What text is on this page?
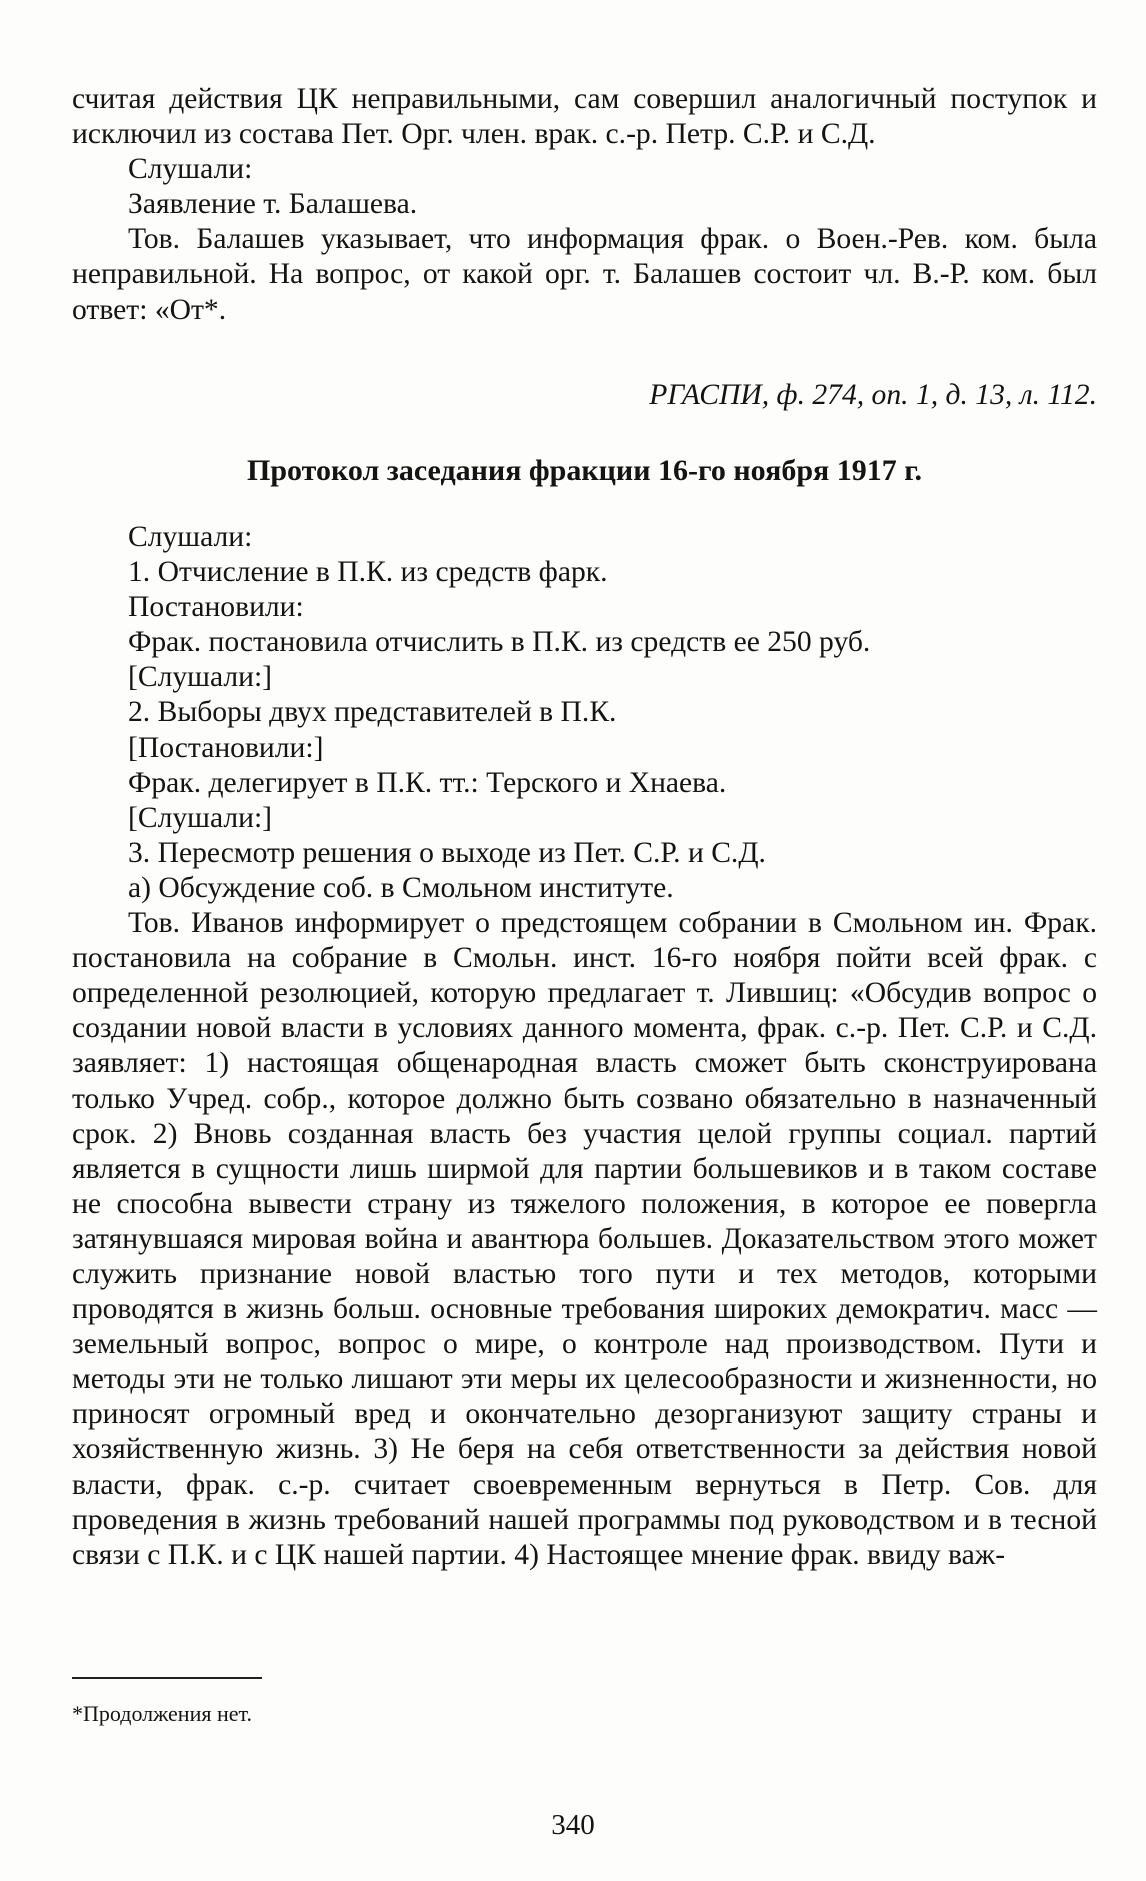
считая действия ЦК неправильными, сам совершил аналогичный поступок и исключил из состава Пет. Орг. член. врак. с.-р. Петр. С.Р. и С.Д.

Слушали:

Заявление т. Балашева.

Тов. Балашев указывает, что информация фрак. о Воен.-Рев. ком. была неправильной. На вопрос, от какой орг. т. Балашев состоит чл. В.-Р. ком. был ответ: «От*.

РГАСПИ, ф. 274, оп. 1, д. 13, л. 112.

Протокол заседания фракции 16-го ноября 1917 г.

Слушали:

1. Отчисление в П.К. из средств фарк.

Постановили:

Фрак. постановила отчислить в П.К. из средств ее 250 руб.

[Слушали:]

2. Выборы двух представителей в П.К.

[Постановили:]

Фрак. делегирует в П.К. тт.: Терского и Хнаева.

[Слушали:]

3. Пересмотр решения о выходе из Пет. С.Р. и С.Д.

а) Обсуждение соб. в Смольном институте.

Тов. Иванов информирует о предстоящем собрании в Смольном ин. Фрак. постановила на собрание в Смольн. инст. 16-го ноября пойти всей фрак. с определенной резолюцией, которую предлагает т. Лившиц: «Обсудив вопрос о создании новой власти в условиях данного момента, фрак. с.-р. Пет. С.Р. и С.Д. заявляет: 1) настоящая общенародная власть сможет быть сконструирована только Учред. собр., которое должно быть созвано обязательно в назначенный срок. 2) Вновь созданная власть без участия целой группы социал. партий является в сущности лишь ширмой для партии большевиков и в таком составе не способна вывести страну из тяжелого положения, в которое ее повергла затянувшаяся мировая война и авантюра большев. Доказательством этого может служить признание новой властью того пути и тех методов, которыми проводятся в жизнь больш. основные требования широких демократич. масс — земельный вопрос, вопрос о мире, о контроле над производством. Пути и методы эти не только лишают эти меры их целесообразности и жизненности, но приносят огромный вред и окончательно дезорганизуют защиту страны и хозяйственную жизнь. 3) Не беря на себя ответственности за действия новой власти, фрак. с.-р. считает своевременным вернуться в Петр. Сов. для проведения в жизнь требований нашей программы под руководством и в тесной связи с П.К. и с ЦК нашей партии. 4) Настоящее мнение фрак. ввиду важ-

*Продолжения нет.
340
